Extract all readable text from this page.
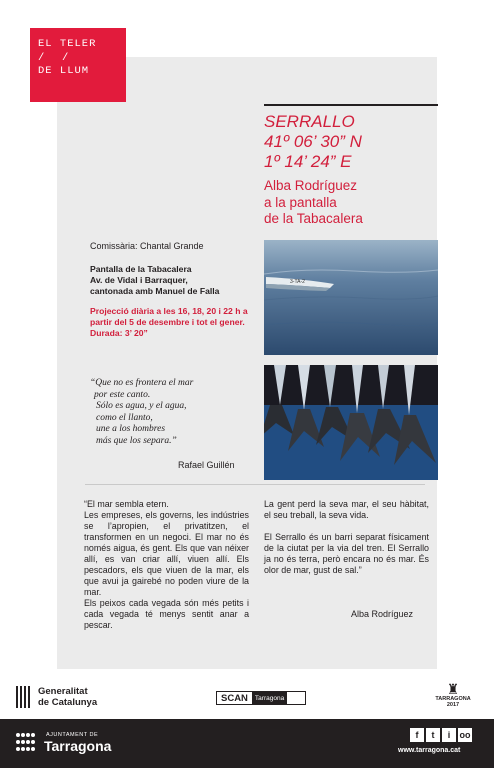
EL TELER
/ /
DE LLUM
SERRALLO
41º 06’ 30” N
1º 14’ 24” E
Alba Rodríguez
a la pantalla
de la Tabacalera
3-TA-2
Comissària: Chantal Grande
Pantalla de la Tabacalera
Av. de Vidal i Barraquer,
cantonada amb Manuel de Falla
Projecció diària a les 16, 18, 20 i 22 h a partir del 5 de desembre i tot el gener.
Durada: 3’ 20”
“Que no es frontera el mar
por este canto.
Sólo es agua, y el agua,
como el llanto,
une a los hombres
más que los separa.”
Rafael Guillén

“El mar sembla etern.

Les empreses, els governs, les indústries se l’apropien, el privatitzen, el transformen en un negoci. El mar no és només aigua, és gent. Els que van néixer allí, es van criar allí, viuen allí. Els pescadors, els que viuen de la mar, els que avui ja gairebé no poden viure de la mar.

Els peixos cada vegada són més petits i cada vegada té menys sentit anar a pescar.

La gent perd la seva mar, el seu hàbitat, el seu treball, la seva vida.

El Serrallo és un barri separat físicament de la ciutat per la via del tren. El Serrallo ja no és terra, però encara no és mar. És olor de mar, gust de sal.”

Alba Rodríguez
Generalitat
de Catalunya	SCAN	Tarragona
♜
TARRAGONA
2017
AJUNTAMENT DE
Tarragona
f	t	i	oo
www.tarragona.cat
